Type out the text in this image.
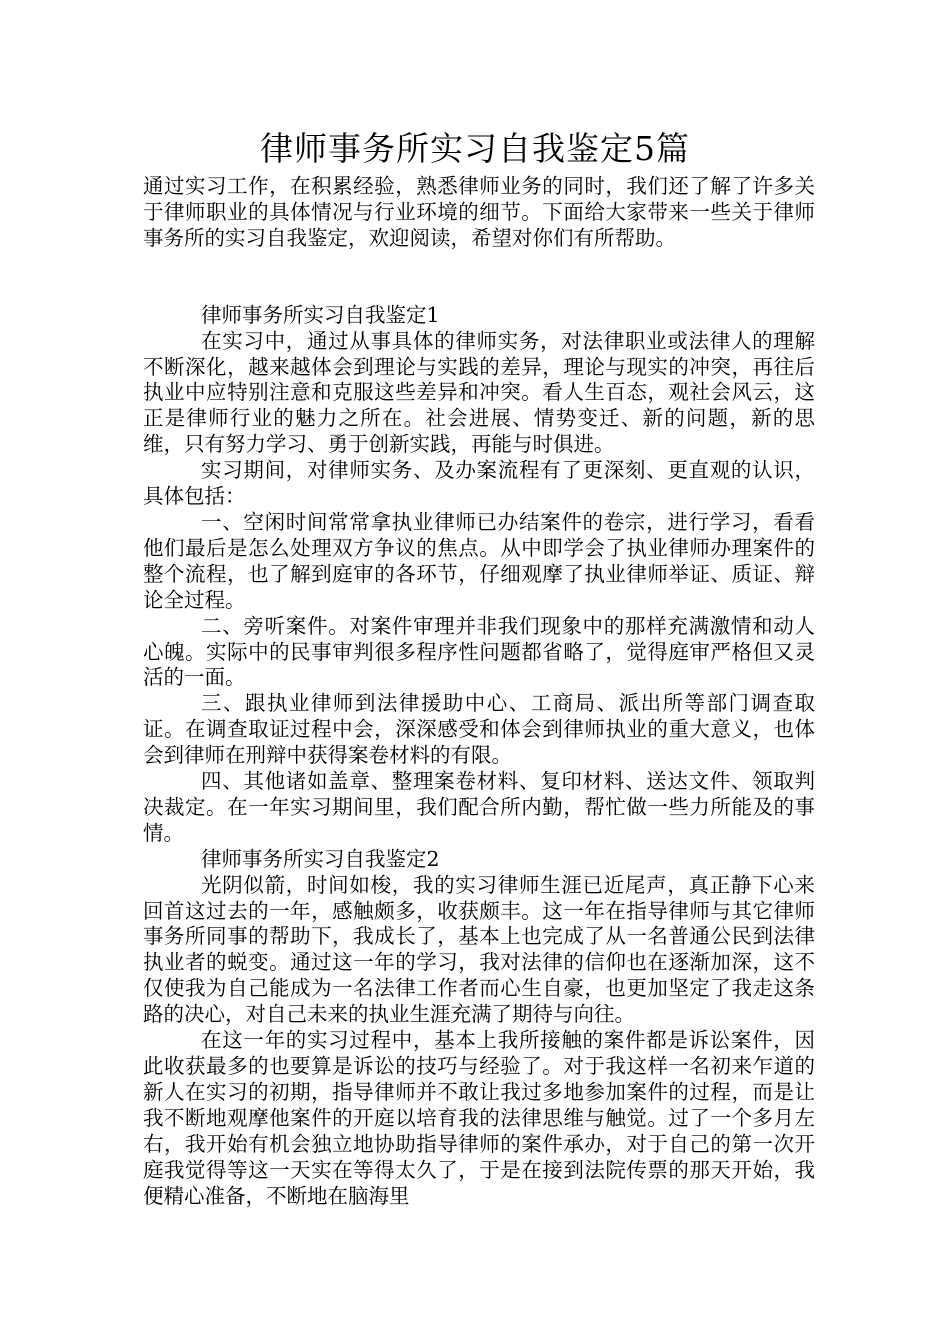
律师事务所实习自我鉴定5篇

通过实习工作，在积累经验，熟悉律师业务的同时，我们还了解了许多关于律师职业的具体情况与行业环境的细节。下面给大家带来一些关于律师事务所的实习自我鉴定，欢迎阅读，希望对你们有所帮助。

律师事务所实习自我鉴定1

在实习中，通过从事具体的律师实务，对法律职业或法律人的理解不断深化，越来越体会到理论与实践的差异，理论与现实的冲突，再往后执业中应特别注意和克服这些差异和冲突。看人生百态，观社会风云，这正是律师行业的魅力之所在。社会进展、情势变迁、新的问题，新的思维，只有努力学习、勇于创新实践，再能与时俱进。

实习期间，对律师实务、及办案流程有了更深刻、更直观的认识，具体包括：

一、空闲时间常常拿执业律师已办结案件的卷宗，进行学习，看看他们最后是怎么处理双方争议的焦点。从中即学会了执业律师办理案件的整个流程，也了解到庭审的各环节，仔细观摩了执业律师举证、质证、辩论全过程。

二、旁听案件。对案件审理并非我们现象中的那样充满激情和动人心魄。实际中的民事审判很多程序性问题都省略了，觉得庭审严格但又灵活的一面。

三、跟执业律师到法律援助中心、工商局、派出所等部门调查取证。在调查取证过程中会，深深感受和体会到律师执业的重大意义，也体会到律师在刑辩中获得案卷材料的有限。

四、其他诸如盖章、整理案卷材料、复印材料、送达文件、领取判决裁定。在一年实习期间里，我们配合所内勤，帮忙做一些力所能及的事情。

律师事务所实习自我鉴定2

光阴似箭，时间如梭，我的实习律师生涯已近尾声，真正静下心来回首这过去的一年，感触颇多，收获颇丰。这一年在指导律师与其它律师事务所同事的帮助下，我成长了，基本上也完成了从一名普通公民到法律执业者的蜕变。通过这一年的学习，我对法律的信仰也在逐渐加深，这不仅使我为自己能成为一名法律工作者而心生自豪，也更加坚定了我走这条路的决心，对自己未来的执业生涯充满了期待与向往。

在这一年的实习过程中，基本上我所接触的案件都是诉讼案件，因此收获最多的也要算是诉讼的技巧与经验了。对于我这样一名初来乍道的新人在实习的初期，指导律师并不敢让我过多地参加案件的过程，而是让我不断地观摩他案件的开庭以培育我的法律思维与触觉。过了一个多月左右，我开始有机会独立地协助指导律师的案件承办，对于自己的第一次开庭我觉得等这一天实在等得太久了，于是在接到法院传票的那天开始，我便精心准备，不断地在脑海里
